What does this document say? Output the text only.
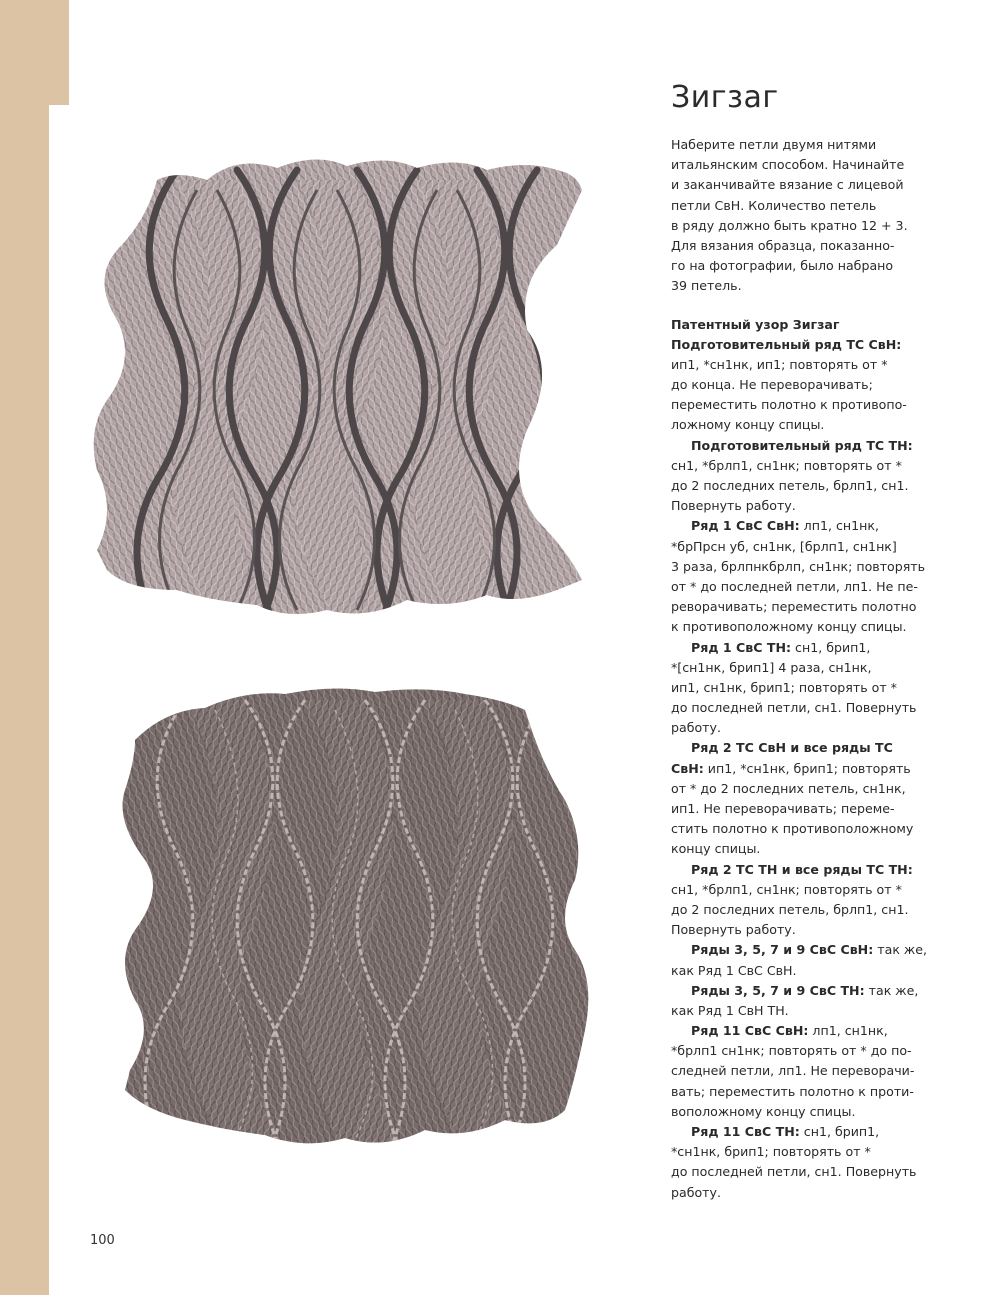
Зигзаг
Наберите петли двумя нитями
итальянским способом. Начинайте
и заканчивайте вязание с лицевой
петли СвН. Количество петель
в ряду должно быть кратно 12 + 3.
Для вязания образца, показанно-
го на фотографии, было набрано
39 петель.
Патентный узор Зигзаг
Подготовительный ряд ТС СвН:
ип1, *сн1нк, ип1; повторять от *
до конца. Не переворачивать;
переместить полотно к противопо-
ложному концу спицы.
Подготовительный ряд ТС ТН:
сн1, *брлп1, сн1нк; повторять от *
до 2 последних петель, брлп1, сн1.
Повернуть работу.
Ряд 1 СвС СвН: лп1, сн1нк,
*брПрсн уб, сн1нк, [брлп1, сн1нк]
3 раза, брлпнкбрлп, сн1нк; повторять
от * до последней петли, лп1. Не пе-
реворачивать; переместить полотно
к противоположному концу спицы.
Ряд 1 СвС ТН: сн1, брип1,
*[сн1нк, брип1] 4 раза, сн1нк,
ип1, сн1нк, брип1; повторять от *
до последней петли, сн1. Повернуть
работу.
Ряд 2 ТС СвН и все ряды ТС
СвН: ип1, *сн1нк, брип1; повторять
от * до 2 последних петель, сн1нк,
ип1. Не переворачивать; переме-
стить полотно к противоположному
концу спицы.
Ряд 2 ТС ТН и все ряды ТС ТН:
сн1, *брлп1, сн1нк; повторять от *
до 2 последних петель, брлп1, сн1.
Повернуть работу.
Ряды 3, 5, 7 и 9 СвС СвН: так же,
как Ряд 1 СвС СвН.
Ряды 3, 5, 7 и 9 СвС ТН: так же,
как Ряд 1 СвН ТН.
Ряд 11 СвС СвН: лп1, сн1нк,
*брлп1 сн1нк; повторять от * до по-
следней петли, лп1. Не переворачи-
вать; переместить полотно к проти-
воположному концу спицы.
Ряд 11 СвС ТН: сн1, брип1,
*сн1нк, брип1; повторять от *
до последней петли, сн1. Повернуть
работу.
100
